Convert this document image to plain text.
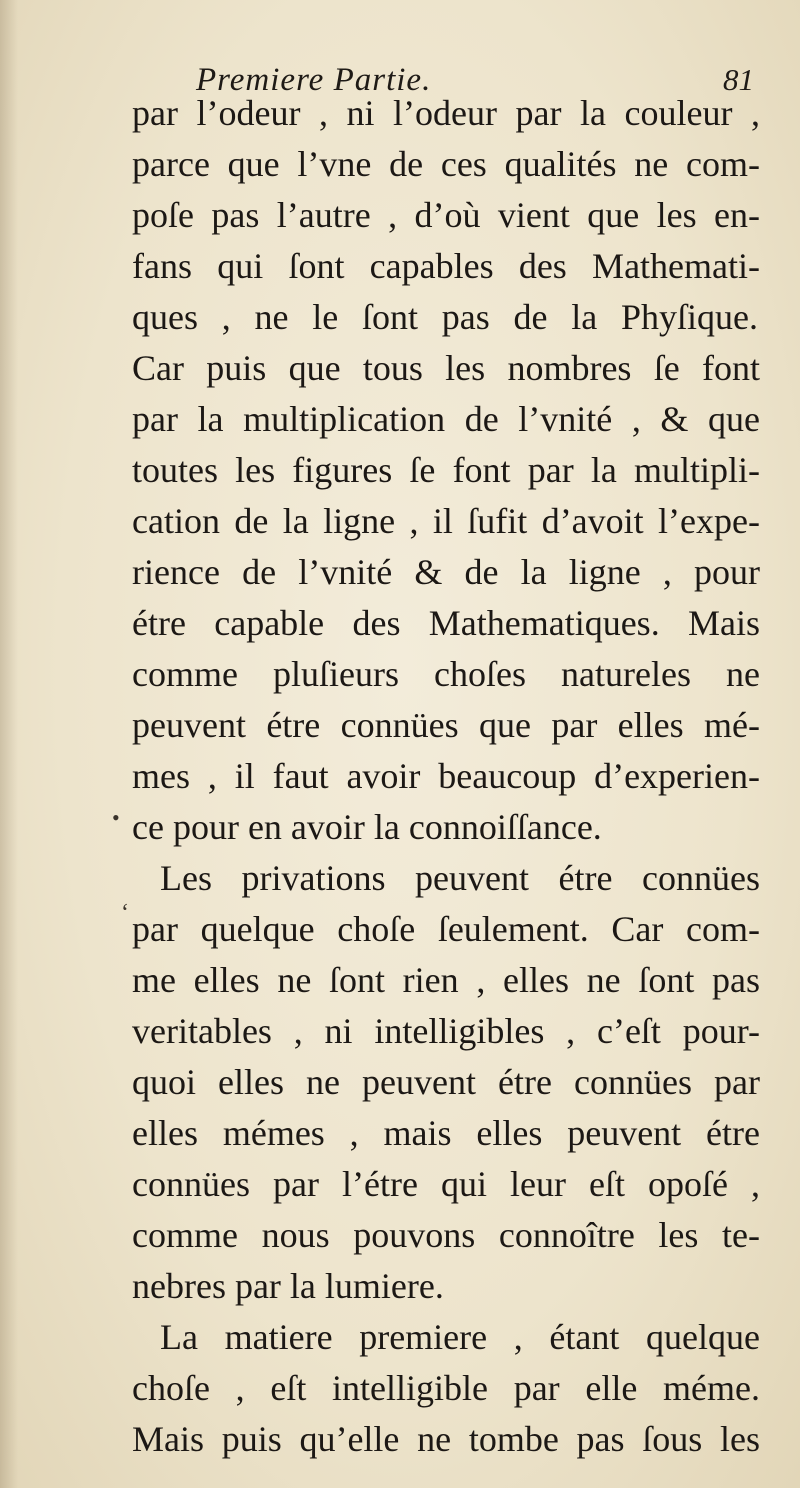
Premiere Partie.	81
par l’odeur , ni l’odeur par la couleur ,
parce que l’vne de ces qualités ne com-
poſe pas l’autre , d’où vient que les en-
fans qui ſont capables des Mathemati-
ques , ne le ſont pas de la Phyſique.
Car puis que tous les nombres ſe font
par la multiplication de l’vnité , & que
toutes les figures ſe font par la multipli-
cation de la ligne , il ſufit d’avoit l’expe-
rience de l’vnité & de la ligne , pour
étre capable des Mathematiques. Mais
comme pluſieurs choſes natureles ne
peuvent étre connües que par elles mé-
mes , il faut avoir beaucoup d’experien-
ce pour en avoir la connoiſſance.
Les privations peuvent étre connües
par quelque choſe ſeulement. Car com-
me elles ne ſont rien , elles ne ſont pas
veritables , ni intelligibles , c’eſt pour-
quoi elles ne peuvent étre connües par
elles mémes , mais elles peuvent étre
connües par l’étre qui leur eſt opoſé ,
comme nous pouvons connoître les te-
nebres par la lumiere.
La matiere premiere , étant quelque
choſe , eſt intelligible par elle méme.
Mais puis qu’elle ne tombe pas ſous les
•
‘
